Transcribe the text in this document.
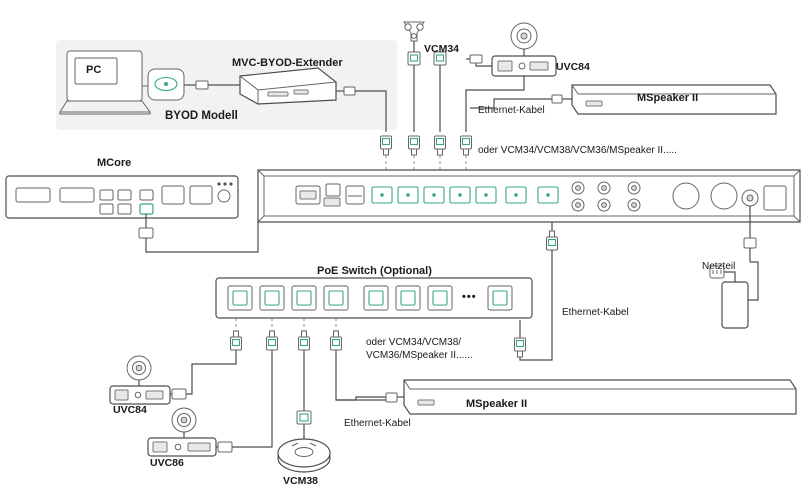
PC
MVC-BYOD-Extender
BYOD Modell
VCM34
UVC84
MSpeaker II
Ethernet-Kabel
oder VCM34/VCM38/VCM36/MSpeaker II.....
MCore
PoE Switch (Optional)
•••
oder VCM34/VCM38/
VCM36/MSpeaker II......
Ethernet-Kabel
Netzteil
UVC84
UVC86
VCM38
Ethernet-Kabel
MSpeaker II
